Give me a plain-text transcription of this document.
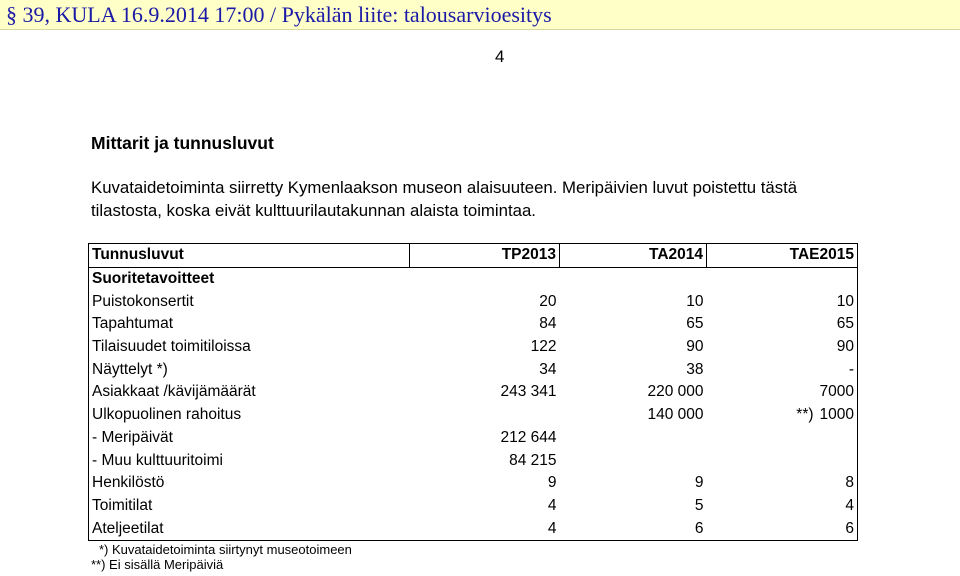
§ 39, KULA 16.9.2014 17:00 / Pykälän liite: talousarvioesitys
4
Mittarit ja tunnusluvut
Kuvataidetoiminta siirretty Kymenlaakson museon alaisuuteen. Meripäivien luvut poistettu tästä
tilastosta, koska eivät kulttuurilautakunnan alaista toimintaa.
Tunnusluvut	TP2013	TA2014	TAE2015
Suoritetavoitteet			
Puistokonsertit	20	10	10
Tapahtumat	84	65	65
Tilaisuudet toimitiloissa	122	90	90
Näyttelyt *)	34	38	-
Asiakkaat /kävijämäärät	243 341	220 000	7000
Ulkopuolinen rahoitus		140 000	**) 1000
- Meripäivät	212 644		
- Muu kulttuuritoimi	84 215		
Henkilöstö	9	9	8
Toimitilat	4	5	4
Ateljeetilat	4	6	6
*) Kuvataidetoiminta siirtynyt museotoimeen
**) Ei sisällä Meripäiviä
